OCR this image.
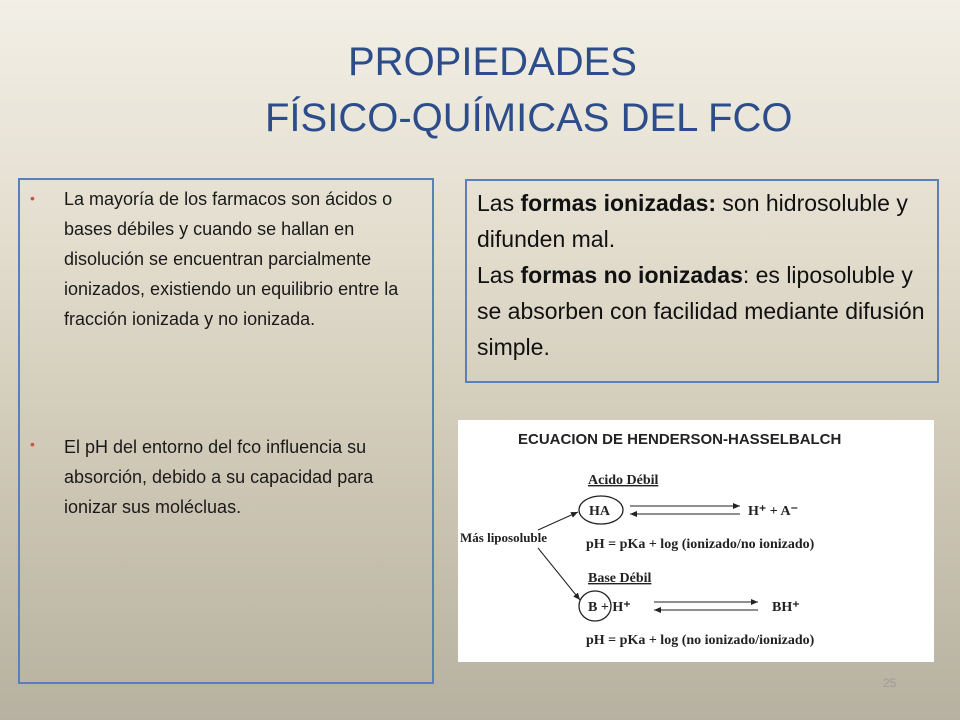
PROPIEDADES
FÍSICO-QUÍMICAS DEL FCO
• La mayoría de los farmacos son ácidos o bases débiles y cuando se hallan en disolución se encuentran parcialmente ionizados, existiendo un equilibrio entre la fracción ionizada y no ionizada.
• El pH del entorno del fco influencia su absorción, debido a su capacidad para ionizar sus molécluas.
Las formas ionizadas: son hidrosoluble y difunden mal.
Las formas no ionizadas: es liposoluble y se absorben con facilidad mediante difusión simple.
ECUACION DE HENDERSON-HASSELBALCH
Acido Débil
HA	H⁺ + A⁻
pH = pKa + log (ionizado/no ionizado)
Más liposoluble
Base Débil
B + H⁺	BH⁺
pH = pKa + log (no ionizado/ionizado)
25
